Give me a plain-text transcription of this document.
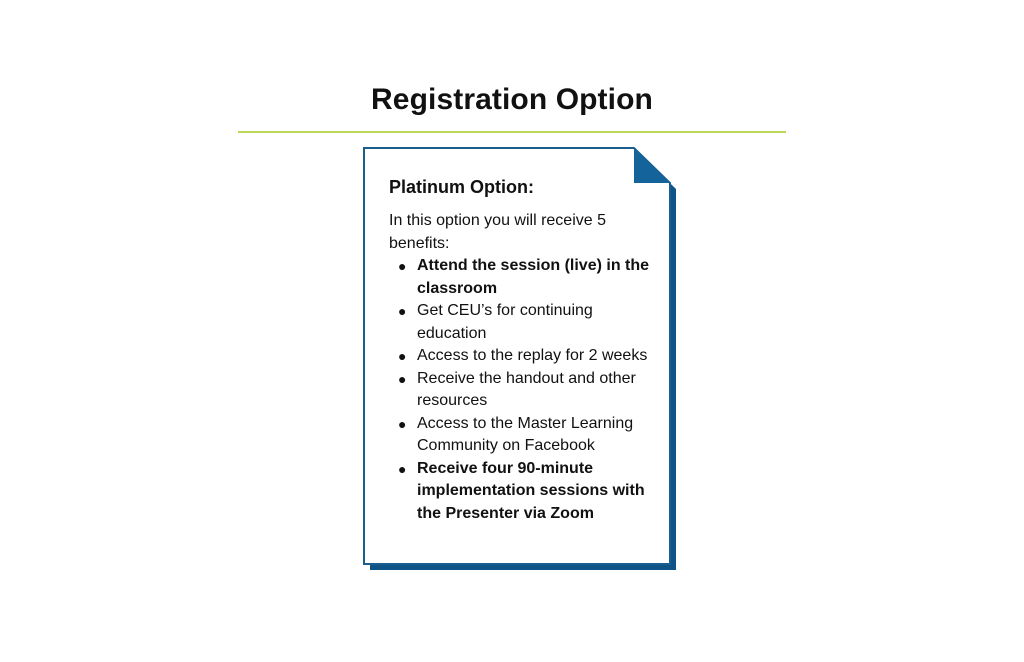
Registration Option
Platinum Option:

In this option you will receive 5 benefits:

● Attend the session (live) in the classroom
● Get CEU’s for continuing education
● Access to the replay for 2 weeks
● Receive the handout and other resources
● Access to the Master Learning Community on Facebook
● Receive four 90-minute implementation sessions with the Presenter via Zoom
